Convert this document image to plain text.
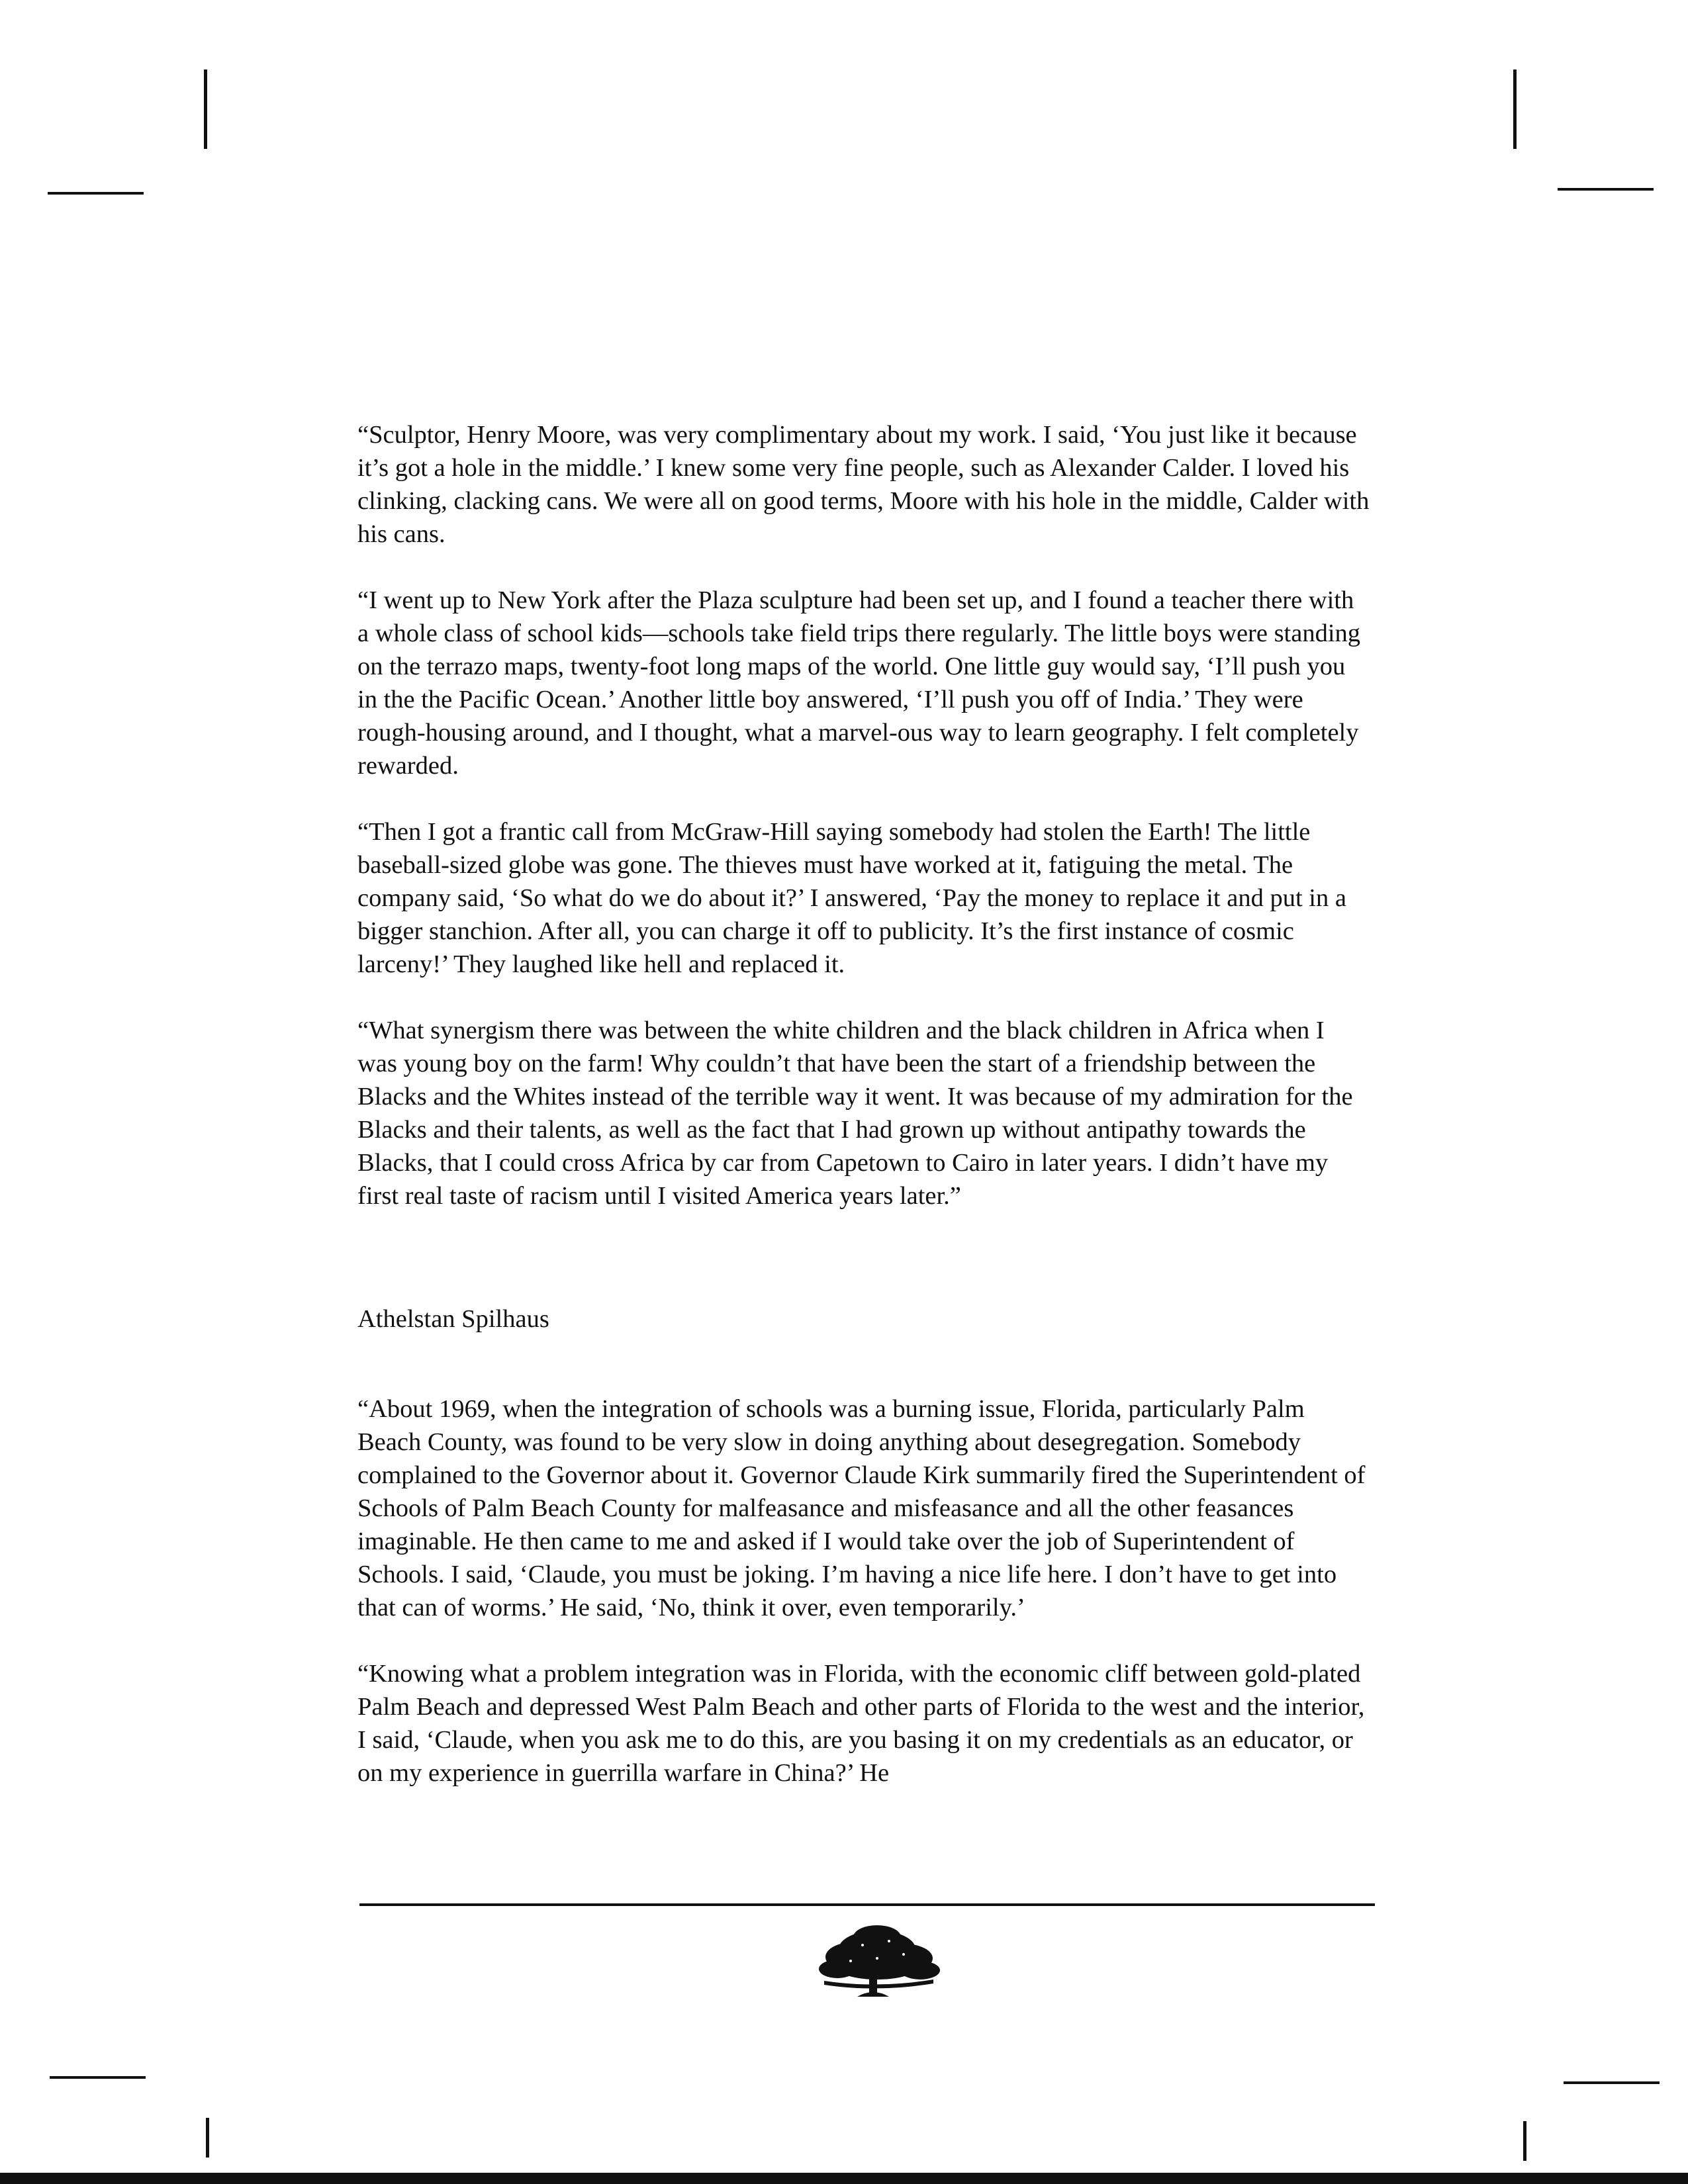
“Sculptor, Henry Moore, was very complimentary about my work. I said, ‘You just like it because it’s got a hole in the middle.’ I knew some very fine people, such as Alexander Calder. I loved his clinking, clacking cans. We were all on good terms, Moore with his hole in the middle, Calder with his cans.

“I went up to New York after the Plaza sculpture had been set up, and I found a teacher there with a whole class of school kids—schools take field trips there regularly. The little boys were standing on the terrazo maps, twenty-foot long maps of the world. One little guy would say, ‘I’ll push you in the the Pacific Ocean.’ Another little boy answered, ‘I’ll push you off of India.’ They were rough-housing around, and I thought, what a marvel-ous way to learn geography. I felt completely rewarded.

“Then I got a frantic call from McGraw-Hill saying somebody had stolen the Earth! The little baseball-sized globe was gone. The thieves must have worked at it, fatiguing the metal. The company said, ‘So what do we do about it?’ I answered, ‘Pay the money to replace it and put in a bigger stanchion. After all, you can charge it off to publicity. It’s the first instance of cosmic larceny!’ They laughed like hell and replaced it.

“What synergism there was between the white children and the black children in Africa when I was young boy on the farm! Why couldn’t that have been the start of a friendship between the Blacks and the Whites instead of the terrible way it went. It was because of my admiration for the Blacks and their talents, as well as the fact that I had grown up without antipathy towards the Blacks, that I could cross Africa by car from Capetown to Cairo in later years. I didn’t have my first real taste of racism until I visited America years later.”

Athelstan Spilhaus

“About 1969, when the integration of schools was a burning issue, Florida, particularly Palm Beach County, was found to be very slow in doing anything about desegregation. Somebody complained to the Governor about it. Governor Claude Kirk summarily fired the Superintendent of Schools of Palm Beach County for malfeasance and misfeasance and all the other feasances imaginable. He then came to me and asked if I would take over the job of Superintendent of Schools. I said, ‘Claude, you must be joking. I’m having a nice life here. I don’t have to get into that can of worms.’ He said, ‘No, think it over, even temporarily.’

“Knowing what a problem integration was in Florida, with the economic cliff between gold-plated Palm Beach and depressed West Palm Beach and other parts of Florida to the west and the interior, I said, ‘Claude, when you ask me to do this, are you basing it on my credentials as an educator, or on my experience in guerrilla warfare in China?’ He
